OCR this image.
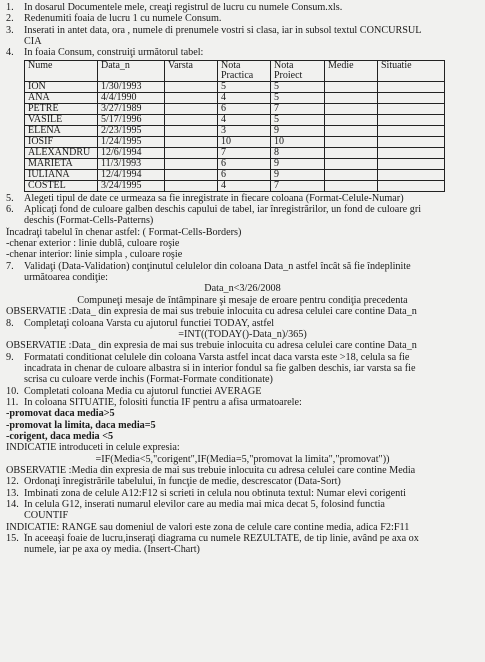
1. In dosarul Documentele mele, creaţi registrul de lucru cu numele Consum.xls.
2. Redenumiti foaia de lucru 1 cu numele Consum.
3. Inserati in antet data, ora , numele di prenumele vostri si clasa, iar in subsol textul CONCURSUL
CIA
4. In foaia Consum, construiţi următorul tabel:
Nume	Data_n	Varsta	Nota Practica	Nota Proiect	Medie	Situatie
ION	1/30/1993		5	5		
ANA	4/4/1990		4	5		
PETRE	3/27/1989		6	7		
VASILE	5/17/1996		4	5		
ELENA	2/23/1995		3	9		
IOSIF	1/24/1995		10	10		
ALEXANDRU	12/6/1994		7	8		
MARIETA	11/3/1993		6	9		
IULIANA	12/4/1994		6	9		
COSTEL	3/24/1995		4	7		
5. Alegeti tipul de date ce urmeaza sa fie inregistrate in fiecare coloana (Format-Celule-Numar)
6. Aplicaţi fond de culoare galben deschis capului de tabel, iar înregistrărilor, un fond de culoare gri
deschis (Format-Cells-Patterns)
Încadraţi tabelul în chenar astfel: ( Format-Cells-Borders)
-chenar exterior : linie dublă, culoare roşie
-chenar interior: linie simpla , culoare roşie
7. Validaţi (Data-Validation) conţinutul celulelor din coloana Data_n astfel încât să fie îndeplinite
următoarea condiţie:
Data_n<3/26/2008
Compuneţi mesaje de întâmpinare şi mesaje de eroare pentru condiţia precedenta
OBSERVATIE :Data_ din expresia de mai sus trebuie inlocuita cu adresa celulei care contine Data_n
8. Completaţi coloana Varsta cu ajutorul functiei TODAY, astfel
=INT((TODAY()-Data_n)/365)
OBSERVATIE :Data_ din expresia de mai sus trebuie inlocuita cu adresa celulei care contine Data_n
9. Formatati conditionat celulele din coloana Varsta astfel incat daca varsta este >18, celula sa fie
incadrata in chenar de culoare albastra si in interior fondul sa fie galben deschis, iar varsta sa fie
scrisa cu culoare verde inchis (Format-Formate conditionate)
10. Completati coloana Media cu ajutorul functiei AVERAGE
11. In coloana SITUATIE, folositi functia IF pentru a afisa urmatoarele:
-promovat daca media>5
-promovat la limita, daca media=5
-corigent, daca media <5
INDICATIE introduceti in celule expresia:
=IF(Media<5,"corigent",IF(Media=5,"promovat la limita","promovat"))
OBSERVATIE :Media din expresia de mai sus trebuie inlocuita cu adresa celulei care contine Media
12. Ordonaţi înregistrările tabelului, în funcţie de medie, descrescator (Data-Sort)
13. Imbinati zona de celule A12:F12 si scrieti in celula nou obtinuta textul: Numar elevi corigenti
14. In celula G12, inserati numarul elevilor care au media mai mica decat 5, folosind functia
COUNTIF
INDICATIE: RANGE sau domeniul de valori este zona de celule care contine media, adica F2:F11
15. În aceeaşi foaie de lucru,inseraţi diagrama cu numele REZULTATE, de tip linie, având pe axa ox
numele, iar pe axa oy media. (Insert-Chart)
